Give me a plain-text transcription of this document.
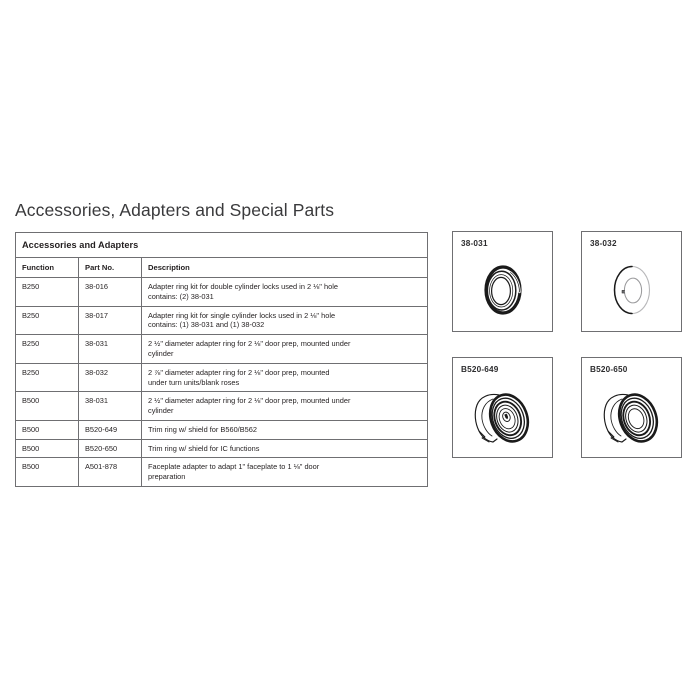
Accessories, Adapters and Special Parts
Accessories and Adapters		
Function	Part No.	Description
B250	38-016	Adapter ring kit for double cylinder locks used in 2 ⅛" hole
contains: (2) 38-031

B250	38-017	Adapter ring kit for single cylinder locks used in 2 ⅛" hole
contains: (1) 38-031 and (1) 38-032

B250	38-031	2 ½" diameter adapter ring for 2 ⅛" door prep, mounted under
cylinder

B250	38-032	2 ⅞" diameter adapter ring for 2 ⅛" door prep, mounted
under turn units/blank roses

B500	38-031	2 ½" diameter adapter ring for 2 ⅛" door prep, mounted under
cylinder

B500	B520-649	Trim ring w/ shield for B560/B562

B500	B520-650	Trim ring w/ shield for IC functions

B500	A501-878	Faceplate adapter to adapt 1" faceplate to 1 ⅛" door
preparation
38-031	38-032
B520-649	B520-650
